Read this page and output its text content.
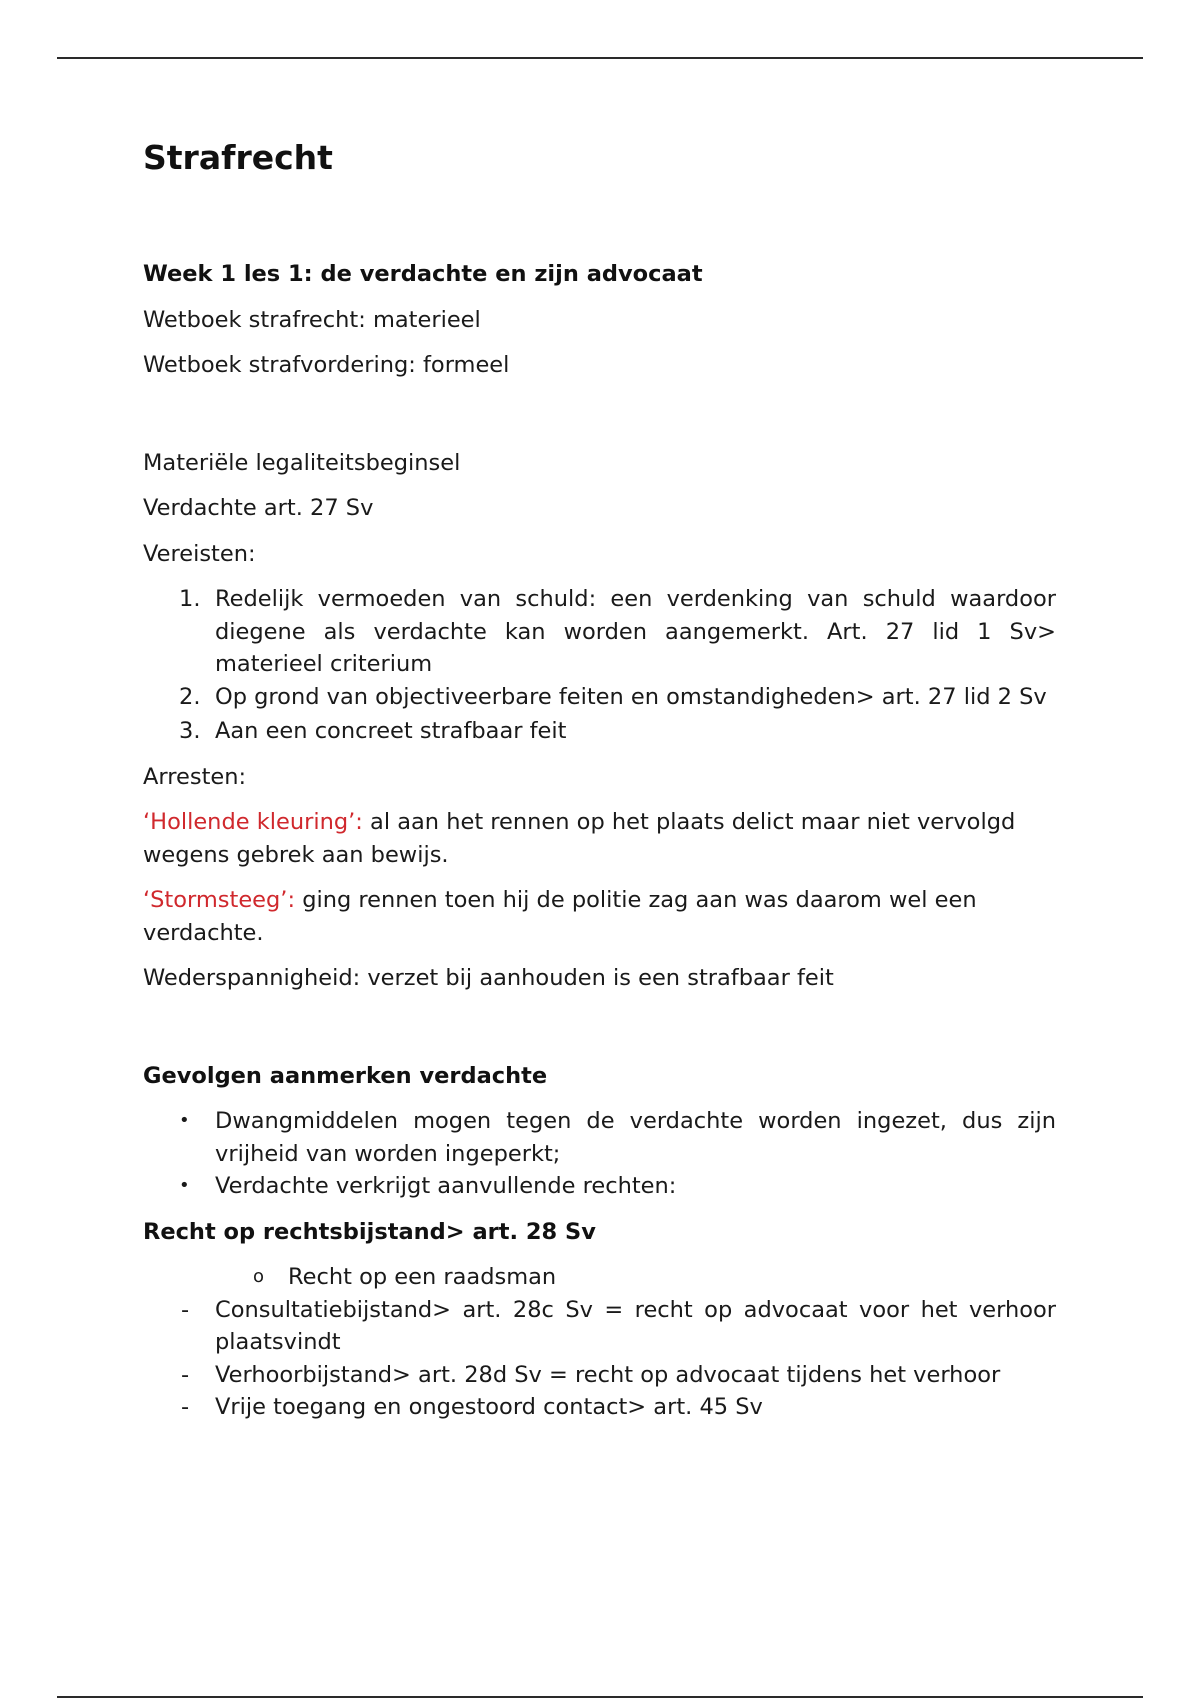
Strafrecht
Week 1 les 1: de verdachte en zijn advocaat

Wetboek strafrecht: materieel

Wetboek strafvordering: formeel

Materiële legaliteitsbeginsel

Verdachte art. 27 Sv

Vereisten:

1. Redelijk vermoeden van schuld: een verdenking van schuld waardoor diegene als verdachte kan worden aangemerkt. Art. 27 lid 1 Sv> materieel criterium
2. Op grond van objectiveerbare feiten en omstandigheden> art. 27 lid 2 Sv
3. Aan een concreet strafbaar feit

Arresten:

‘Hollende kleuring’: al aan het rennen op het plaats delict maar niet vervolgd wegens gebrek aan bewijs.

‘Stormsteeg’: ging rennen toen hij de politie zag aan was daarom wel een verdachte.

Wederspannigheid: verzet bij aanhouden is een strafbaar feit

Gevolgen aanmerken verdachte
• Dwangmiddelen mogen tegen de verdachte worden ingezet, dus zijn vrijheid van worden ingeperkt;
• Verdachte verkrijgt aanvullende rechten:
Recht op rechtsbijstand> art. 28 Sv
o Recht op een raadsman
- Consultatiebijstand> art. 28c Sv = recht op advocaat voor het verhoor plaatsvindt
- Verhoorbijstand> art. 28d Sv = recht op advocaat tijdens het verhoor
- Vrije toegang en ongestoord contact> art. 45 Sv
